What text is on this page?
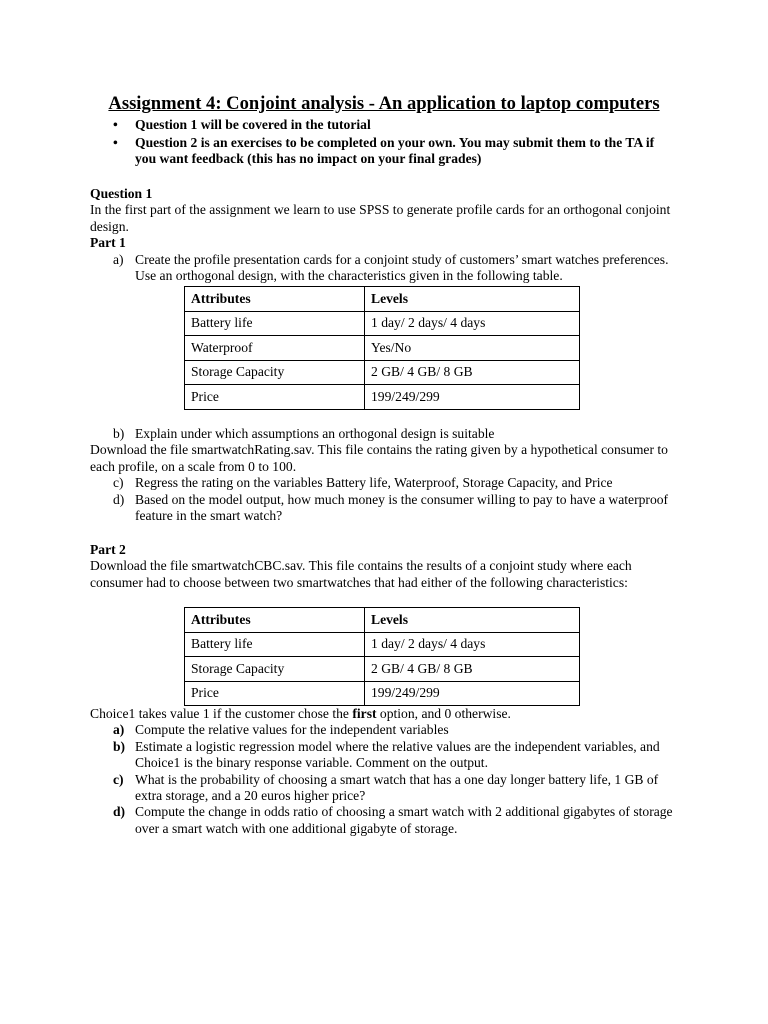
Assignment 4: Conjoint analysis - An application to laptop computers
• Question 1 will be covered in the tutorial
• Question 2 is an exercises to be completed on your own. You may submit them to the TA if you want feedback (this has no impact on your final grades)
Question 1
In the first part of the assignment we learn to use SPSS to generate profile cards for an orthogonal conjoint design.
Part 1
a) Create the profile presentation cards for a conjoint study of customers’ smart watches preferences. Use an orthogonal design, with the characteristics given in the following table.
Attributes	Levels
Battery life	1 day/ 2 days/ 4 days
Waterproof	Yes/No
Storage Capacity	2 GB/ 4 GB/ 8 GB
Price	199/249/299
b) Explain under which assumptions an orthogonal design is suitable
Download the file smartwatchRating.sav. This file contains the rating given by a hypothetical consumer to each profile, on a scale from 0 to 100.
c) Regress the rating on the variables Battery life, Waterproof, Storage Capacity, and Price
d) Based on the model output, how much money is the consumer willing to pay to have a waterproof feature in the smart watch?
Part 2
Download the file smartwatchCBC.sav. This file contains the results of a conjoint study where each consumer had to choose between two smartwatches that had either of the following characteristics:
Attributes	Levels
Battery life	1 day/ 2 days/ 4 days
Storage Capacity	2 GB/ 4 GB/ 8 GB
Price	199/249/299
Choice1 takes value 1 if the customer chose the first option, and 0 otherwise.
a) Compute the relative values for the independent variables
b) Estimate a logistic regression model where the relative values are the independent variables, and Choice1 is the binary response variable. Comment on the output.
c) What is the probability of choosing a smart watch that has a one day longer battery life, 1 GB of extra storage, and a 20 euros higher price?
d) Compute the change in odds ratio of choosing a smart watch with 2 additional gigabytes of storage over a smart watch with one additional gigabyte of storage.
